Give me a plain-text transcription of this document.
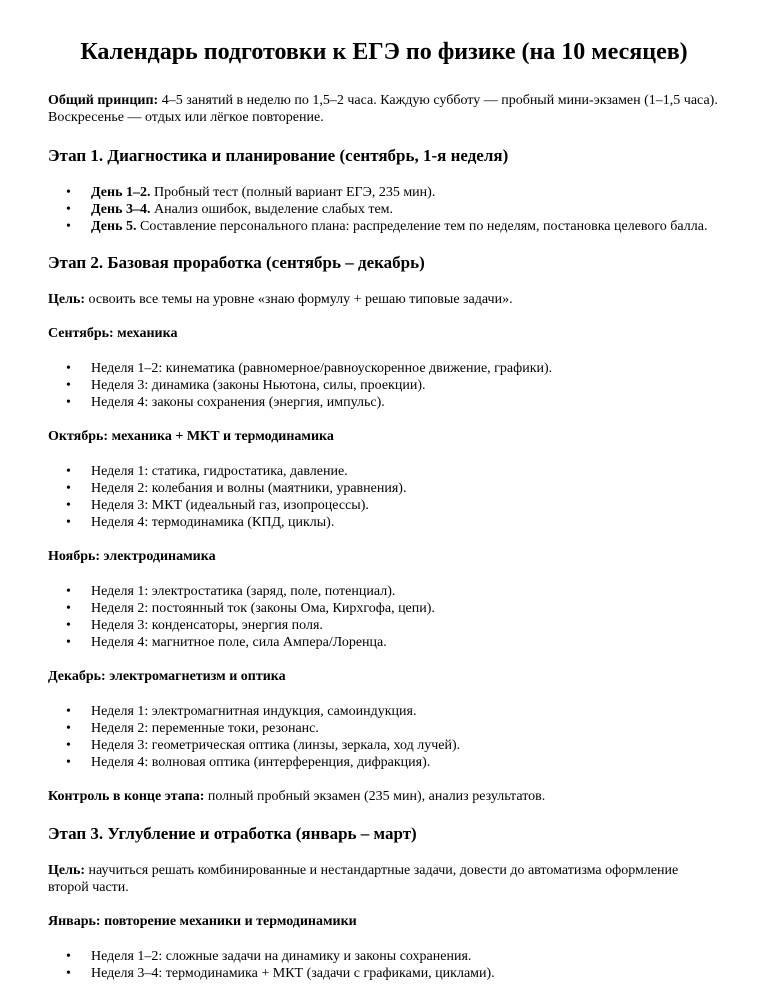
Календарь подготовки к ЕГЭ по физике (на 10 месяцев)

Общий принцип: 4–5 занятий в неделю по 1,5–2 часа. Каждую субботу — пробный мини-экзамен (1–1,5 часа). Воскресенье — отдых или лёгкое повторение.

Этап 1. Диагностика и планирование (сентябрь, 1-я неделя)
• День 1–2. Пробный тест (полный вариант ЕГЭ, 235 мин).
• День 3–4. Анализ ошибок, выделение слабых тем.
• День 5. Составление персонального плана: распределение тем по неделям, постановка целевого балла.
Этап 2. Базовая проработка (сентябрь – декабрь)

Цель: освоить все темы на уровне «знаю формулу + решаю типовые задачи».

Сентябрь: механика
• Неделя 1–2: кинематика (равномерное/равноускоренное движение, графики).
• Неделя 3: динамика (законы Ньютона, силы, проекции).
• Неделя 4: законы сохранения (энергия, импульс).
Октябрь: механика + МКТ и термодинамика
• Неделя 1: статика, гидростатика, давление.
• Неделя 2: колебания и волны (маятники, уравнения).
• Неделя 3: МКТ (идеальный газ, изопроцессы).
• Неделя 4: термодинамика (КПД, циклы).
Ноябрь: электродинамика
• Неделя 1: электростатика (заряд, поле, потенциал).
• Неделя 2: постоянный ток (законы Ома, Кирхгофа, цепи).
• Неделя 3: конденсаторы, энергия поля.
• Неделя 4: магнитное поле, сила Ампера/Лоренца.
Декабрь: электромагнетизм и оптика
• Неделя 1: электромагнитная индукция, самоиндукция.
• Неделя 2: переменные токи, резонанс.
• Неделя 3: геометрическая оптика (линзы, зеркала, ход лучей).
• Неделя 4: волновая оптика (интерференция, дифракция).

Контроль в конце этапа: полный пробный экзамен (235 мин), анализ результатов.

Этап 3. Углубление и отработка (январь – март)

Цель: научиться решать комбинированные и нестандартные задачи, довести до автоматизма оформление второй части.

Январь: повторение механики и термодинамики
• Неделя 1–2: сложные задачи на динамику и законы сохранения.
• Неделя 3–4: термодинамика + МКТ (задачи с графиками, циклами).
